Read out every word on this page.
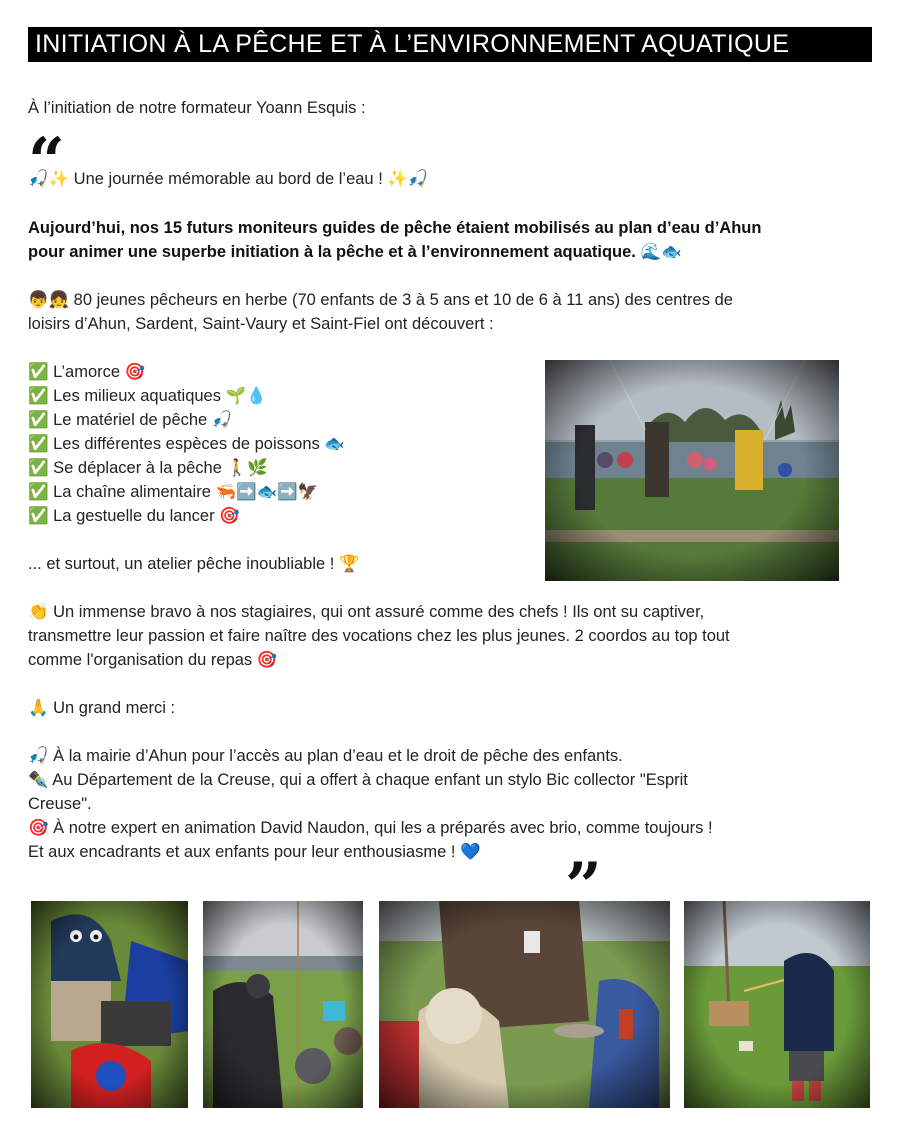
INITIATION À LA PÊCHE ET À L’ENVIRONNEMENT AQUATIQUE
À l’initiation de notre formateur Yoann Esquis :
“
🎣✨ Une journée mémorable au bord de l’eau ! ✨🎣
Aujourd’hui, nos 15 futurs moniteurs guides de pêche étaient mobilisés au plan d’eau d’Ahun
pour animer une superbe initiation à la pêche et à l’environnement aquatique. 🌊🐟
👦👧 80 jeunes pêcheurs en herbe (70 enfants de 3 à 5 ans et 10 de 6 à 11 ans) des centres de
loisirs d’Ahun, Sardent, Saint-Vaury et Saint-Fiel ont découvert :
✅ L’amorce 🎯
✅ Les milieux aquatiques 🌱💧
✅ Le matériel de pêche 🎣
✅ Les différentes espèces de poissons 🐟
✅ Se déplacer à la pêche 🚶🌿
✅ La chaîne alimentaire 🦐➡️🐟➡️🦅
✅ La gestuelle du lancer 🎯
... et surtout, un atelier pêche inoubliable ! 🏆
👏 Un immense bravo à nos stagiaires, qui ont assuré comme des chefs ! Ils ont su captiver,
transmettre leur passion et faire naître des vocations chez les plus jeunes. 2 coordos au top tout
comme l'organisation du repas 🎯
🙏 Un grand merci :
🎣 À la mairie d’Ahun pour l’accès au plan d’eau et le droit de pêche des enfants.
✒️ Au Département de la Creuse, qui a offert à chaque enfant un stylo Bic collector "Esprit
Creuse".
🎯 À notre expert en animation David Naudon, qui les a préparés avec brio, comme toujours !
Et aux encadrants et aux enfants pour leur enthousiasme ! 💙 ”
